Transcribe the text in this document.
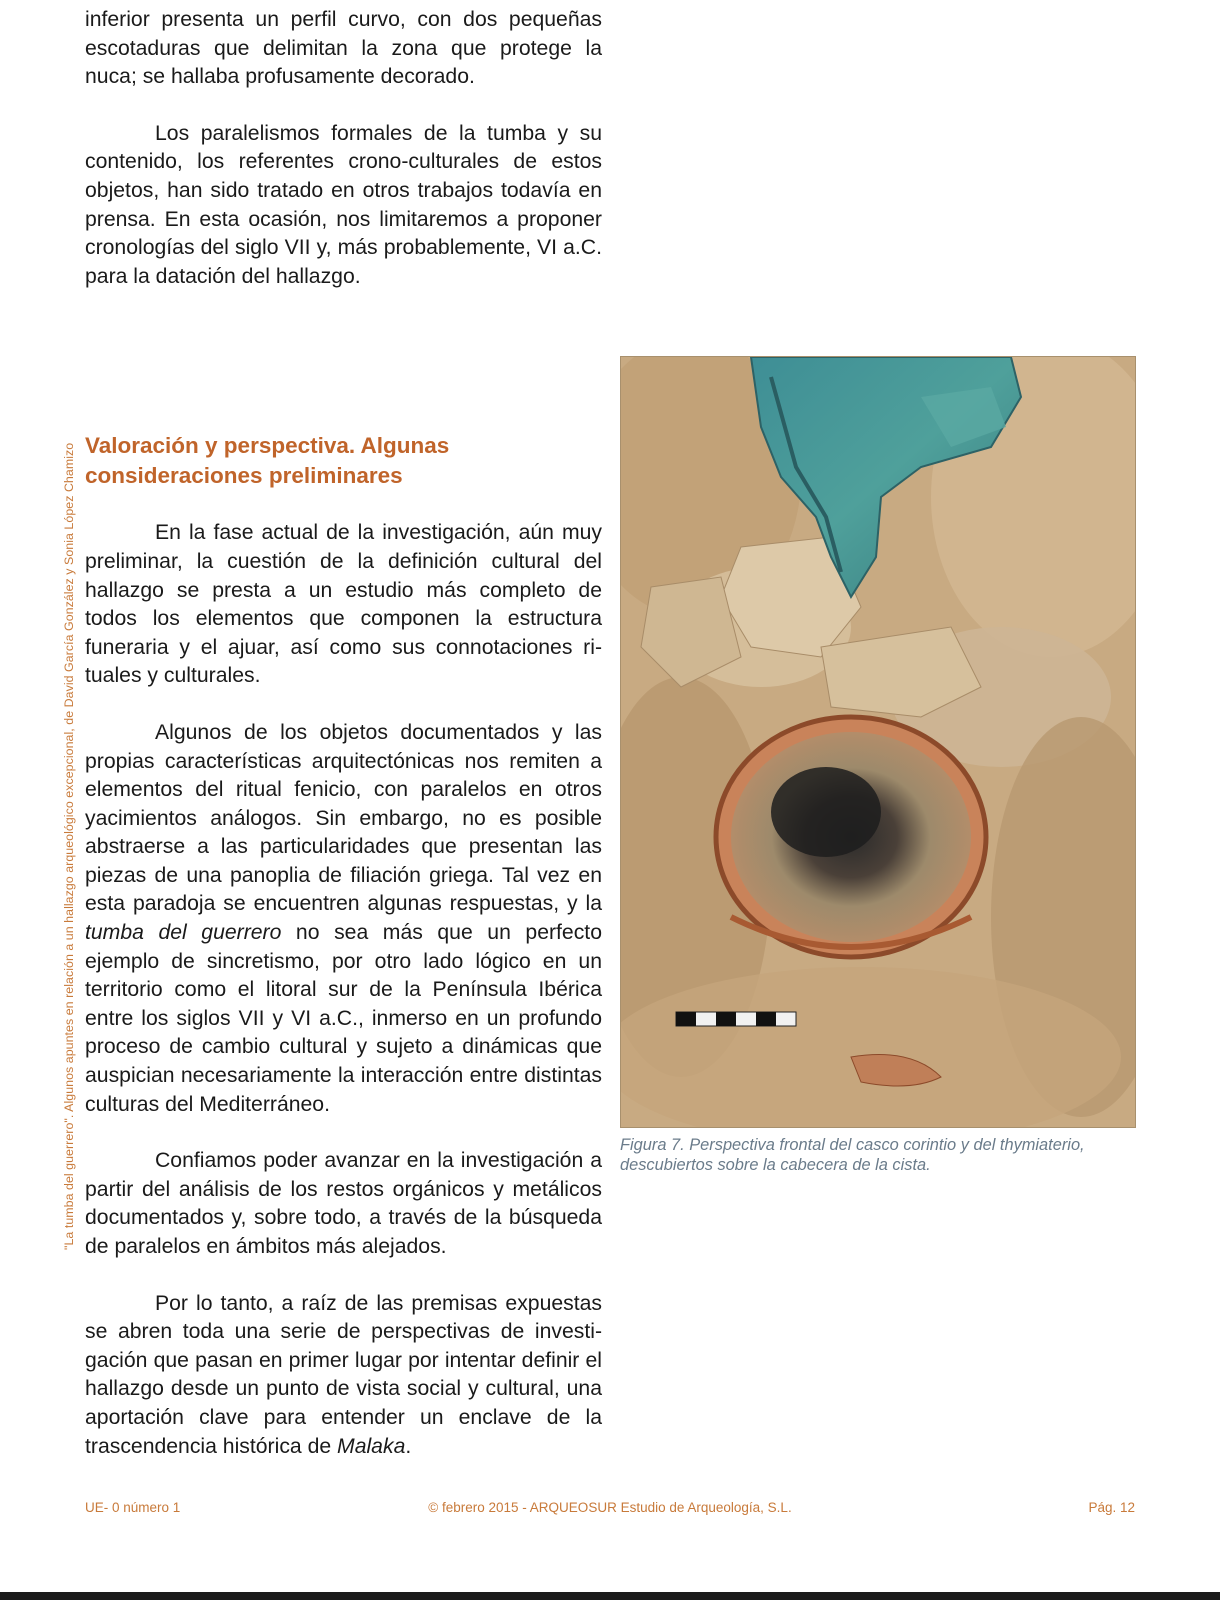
"La tumba del guerrero". Algunos apuntes en relación a un hallazgo arqueológico excepcional, de David García González y Sonia López Chamizo

inferior presenta un perfil curvo, con dos pequeñas escotaduras que delimitan la zona que protege la nuca; se hallaba profusamente decorado.

Los paralelismos formales de la tumba y su contenido, los referentes crono-culturales de estos objetos, han sido tratado en otros trabajos todavía en prensa. En esta ocasión, nos limitaremos a proponer cronologías del siglo VII y, más probablemente, VI a.C. para la datación del hallazgo.

Valoración y perspectiva. Algunas consideraciones preliminares

En la fase actual de la investigación, aún muy preliminar, la cuestión de la definición cultural del hallazgo se presta a un estudio más completo de todos los elementos que componen la estructura funeraria y el ajuar, así como sus connotaciones rituales y culturales.

Algunos de los objetos documentados y las propias características arquitectónicas nos remiten a elementos del ritual fenicio, con paralelos en otros yacimientos análogos. Sin embargo, no es posible abstraerse a las particularidades que presentan las piezas de una panoplia de filiación griega. Tal vez en esta paradoja se encuentren algunas respuestas, y la tumba del guerrero no sea más que un perfecto ejemplo de sincretismo, por otro lado lógico en un territorio como el litoral sur de la Península Ibérica entre los siglos VII y VI a.C., inmerso en un profundo proceso de cambio cultural y sujeto a dinámicas que auspician necesariamente la interacción entre distintas culturas del Mediterráneo.

Confiamos poder avanzar en la investigación a partir del análisis de los restos orgánicos y metálicos documentados y, sobre todo, a través de la búsqueda de paralelos en ámbitos más alejados.

Por lo tanto, a raíz de las premisas expuestas se abren toda una serie de perspectivas de investigación que pasan en primer lugar por intentar definir el hallazgo desde un punto de vista social y cultural, una aportación clave para entender un enclave de la trascendencia histórica de Malaka.

Figura 7. Perspectiva frontal del casco corintio y del thymiaterio, descubiertos sobre la cabecera de la cista.

UE- 0 número 1	© febrero 2015 - ARQUEOSUR Estudio de Arqueología, S.L.	Pág. 12
